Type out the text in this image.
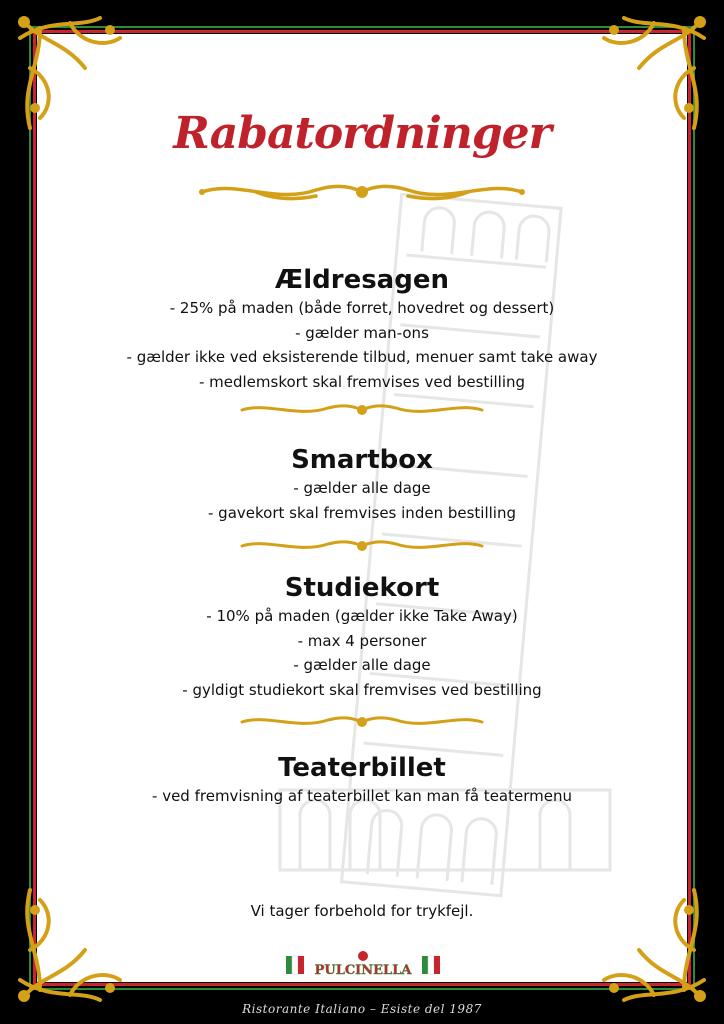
Rabatordninger
Ældresagen

- 25% på maden (både forret, hovedret og dessert)

- gælder man-ons

- gælder ikke ved eksisterende tilbud, menuer samt take away

- medlemskort skal fremvises ved bestilling

Smartbox

- gælder alle dage

- gavekort skal fremvises inden bestilling

Studiekort

- 10% på maden (gælder ikke Take Away)

- max 4 personer

- gælder alle dage

- gyldigt studiekort skal fremvises ved bestilling

Teaterbillet

- ved fremvisning af teaterbillet kan man få teatermenu

Vi tager forbehold for trykfejl.
PULCINELLA
Ristorante Italiano – Esiste del 1987
